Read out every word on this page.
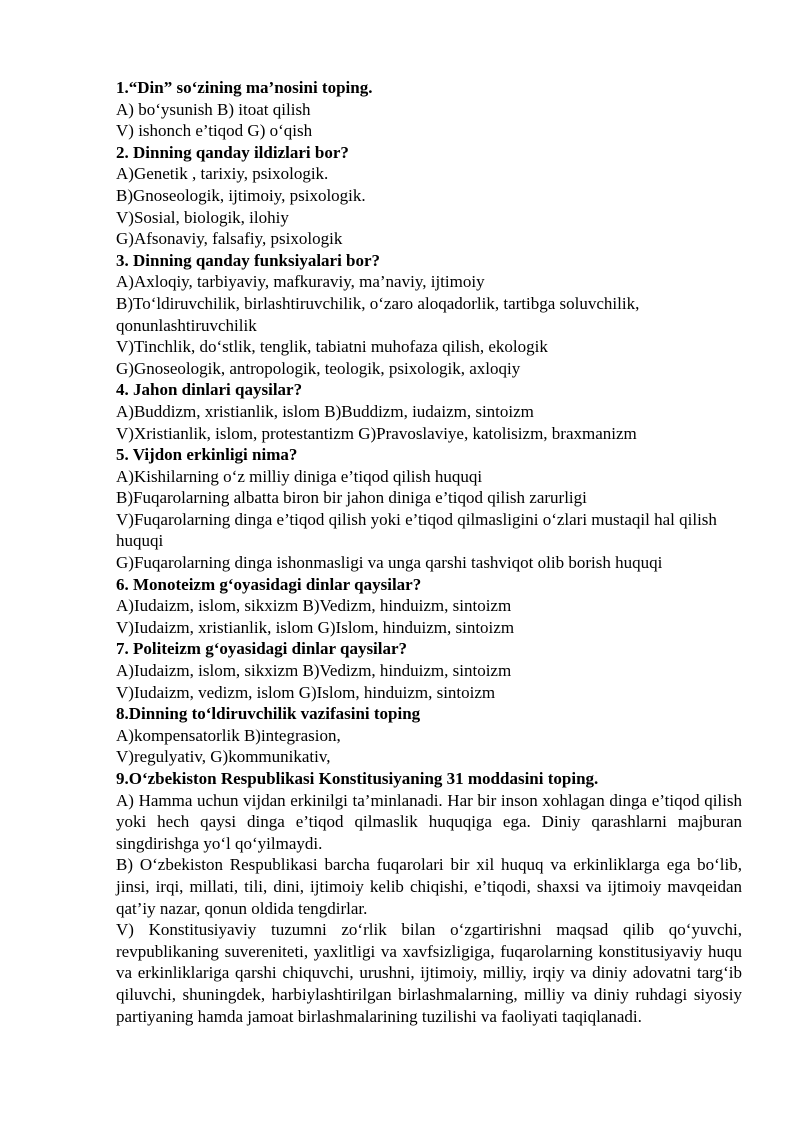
1.“Din” so‘zining ma’nosini toping.
A) bo‘ysunish B) itoat qilish
V) ishonch e’tiqod G) o‘qish
2. Dinning qanday ildizlari bor?
A)Genetik , tarixiy, psixologik.
B)Gnoseologik, ijtimoiy, psixologik.
V)Sosial, biologik, ilohiy
G)Afsonaviy, falsafiy, psixologik
3. Dinning qanday funksiyalari bor?
A)Axloqiy, tarbiyaviy, mafkuraviy, ma’naviy, ijtimoiy
B)To‘ldiruvchilik, birlashtiruvchilik, o‘zaro aloqadorlik, tartibga soluvchilik, qonunlashtiruvchilik
V)Tinchlik, do‘stlik, tenglik, tabiatni muhofaza qilish, ekologik
G)Gnoseologik, antropologik, teologik, psixologik, axloqiy
4. Jahon dinlari qaysilar?
A)Buddizm, xristianlik, islom B)Buddizm, iudaizm, sintoizm
V)Xristianlik, islom, protestantizm G)Pravoslaviye, katolisizm, braxmanizm
5. Vijdon erkinligi nima?
A)Kishilarning o‘z milliy diniga e’tiqod qilish huquqi
B)Fuqarolarning albatta biron bir jahon diniga e’tiqod qilish zarurligi
V)Fuqarolarning dinga e’tiqod qilish yoki e’tiqod qilmasligini o‘zlari mustaqil hal qilish huquqi
G)Fuqarolarning dinga ishonmasligi va unga qarshi tashviqot olib borish huquqi
6. Monoteizm g‘oyasidagi dinlar qaysilar?
A)Iudaizm, islom, sikxizm B)Vedizm, hinduizm, sintoizm
V)Iudaizm, xristianlik, islom G)Islom, hinduizm, sintoizm
7. Politeizm g‘oyasidagi dinlar qaysilar?
A)Iudaizm, islom, sikxizm B)Vedizm, hinduizm, sintoizm
V)Iudaizm, vedizm, islom G)Islom, hinduizm, sintoizm
8.Dinning to‘ldiruvchilik vazifasini toping
A)kompensatorlik B)integrasion,
V)regulyativ, G)kommunikativ,
9.O‘zbekiston Respublikasi Konstitusiyaning 31 moddasini toping.
A) Hamma uchun vijdan erkinilgi ta’minlanadi. Har bir inson xohlagan dinga e’tiqod qilish yoki hech qaysi dinga e’tiqod qilmaslik huquqiga ega. Diniy qarashlarni majburan singdirishga yo‘l qo‘yilmaydi.
B) O‘zbekiston Respublikasi barcha fuqarolari bir xil huquq va erkinliklarga ega bo‘lib, jinsi, irqi, millati, tili, dini, ijtimoiy kelib chiqishi, e’tiqodi, shaxsi va ijtimoiy mavqeidan qat’iy nazar, qonun oldida tengdirlar.
V) Konstitusiyaviy tuzumni zo‘rlik bilan o‘zgartirishni maqsad qilib qo‘yuvchi, revpublikaning suvereniteti, yaxlitligi va xavfsizligiga, fuqarolarning konstitusiyaviy huqu va erkinliklariga qarshi chiquvchi, urushni, ijtimoiy, milliy, irqiy va diniy adovatni targ‘ib qiluvchi, shuningdek, harbiylashtirilgan birlashmalarning, milliy va diniy ruhdagi siyosiy partiyaning hamda jamoat birlashmalarining tuzilishi va faoliyati taqiqlanadi.
